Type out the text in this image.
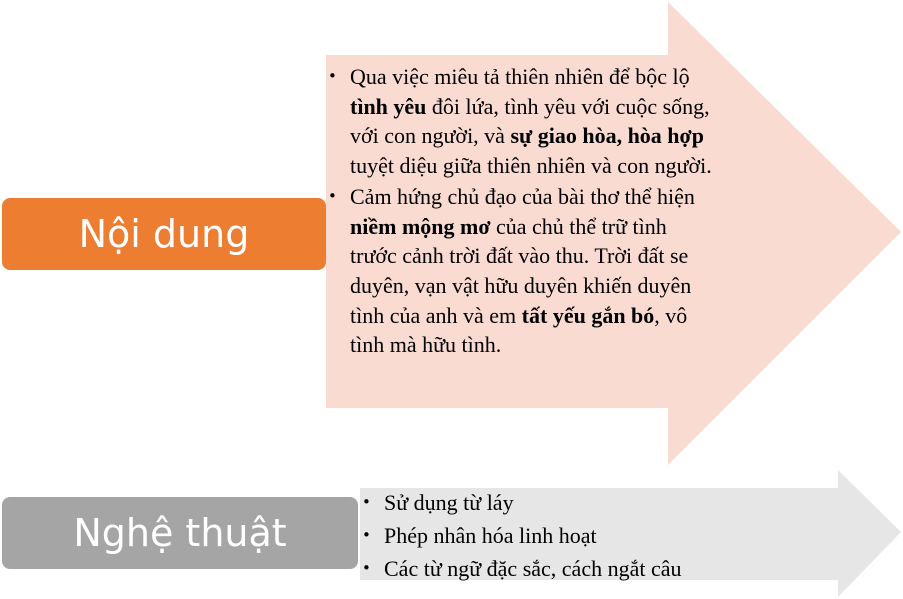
Nội dung
• Qua việc miêu tả thiên nhiên để bộc lộ tình yêu đôi lứa, tình yêu với cuộc sống, với con người, và sự giao hòa, hòa hợp tuyệt diệu giữa thiên nhiên và con người.
• Cảm hứng chủ đạo của bài thơ thể hiện niềm mộng mơ của chủ thể trữ tình trước cảnh trời đất vào thu. Trời đất se duyên, vạn vật hữu duyên khiến duyên tình của anh và em tất yếu gắn bó, vô tình mà hữu tình.
Nghệ thuật
• Sử dụng từ láy
• Phép nhân hóa linh hoạt
• Các từ ngữ đặc sắc, cách ngắt câu
